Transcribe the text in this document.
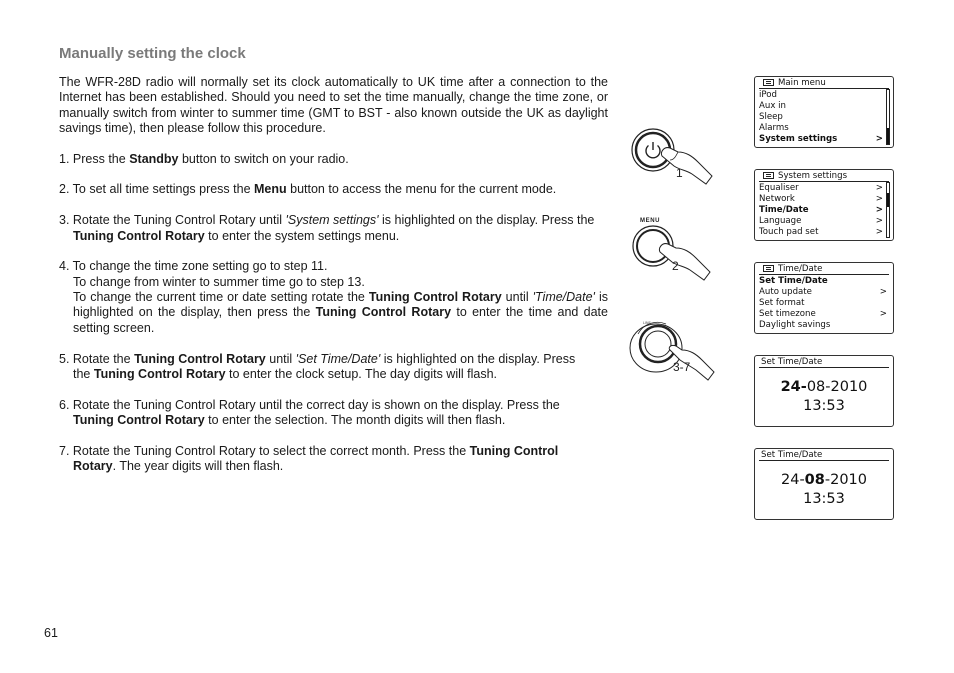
Manually setting the clock

The WFR-28D radio will normally set its clock automatically to UK time after a connection to the Internet has been established. Should you need to set the time manually, change the time zone, or manually switch from winter to summer time (GMT to BST - also known outside the UK as daylight savings time), then please follow this procedure.

1. Press the Standby button to switch on your radio.

2. To set all time settings press the Menu button to access the menu for the current mode.

3. Rotate the Tuning Control Rotary until 'System settings' is highlighted on the display. Press the

Tuning Control Rotary to enter the system settings menu.

4. To change the time zone setting go to step 11.

To change from winter to summer time go to step 13.

To change the current time or date setting rotate the Tuning Control Rotary until 'Time/Date' is highlighted on the display, then press the Tuning Control Rotary to enter the time and date setting screen.

5. Rotate the Tuning Control Rotary until 'Set Time/Date' is highlighted on the display. Press

the Tuning Control Rotary to enter the clock setup. The day digits will flash.

6. Rotate the Tuning Control Rotary until the correct day is shown on the display. Press the

Tuning Control Rotary to enter the selection. The month digits will then flash.

7. Rotate the Tuning Control Rotary to select the correct month. Press the Tuning Control

Rotary. The year digits will then flash.

61
1
MENU
2
LINE
3-7
Main menu
iPod
Aux in
Sleep
Alarms
System settings	>
System settings
Equaliser	>
Network	>
Time/Date	>
Language	>
Touch pad set	>
Time/Date
Set Time/Date
Auto update	>
Set format
Set timezone	>
Daylight savings
Set Time/Date
24-08-2010
13:53
Set Time/Date
24-08-2010
13:53
